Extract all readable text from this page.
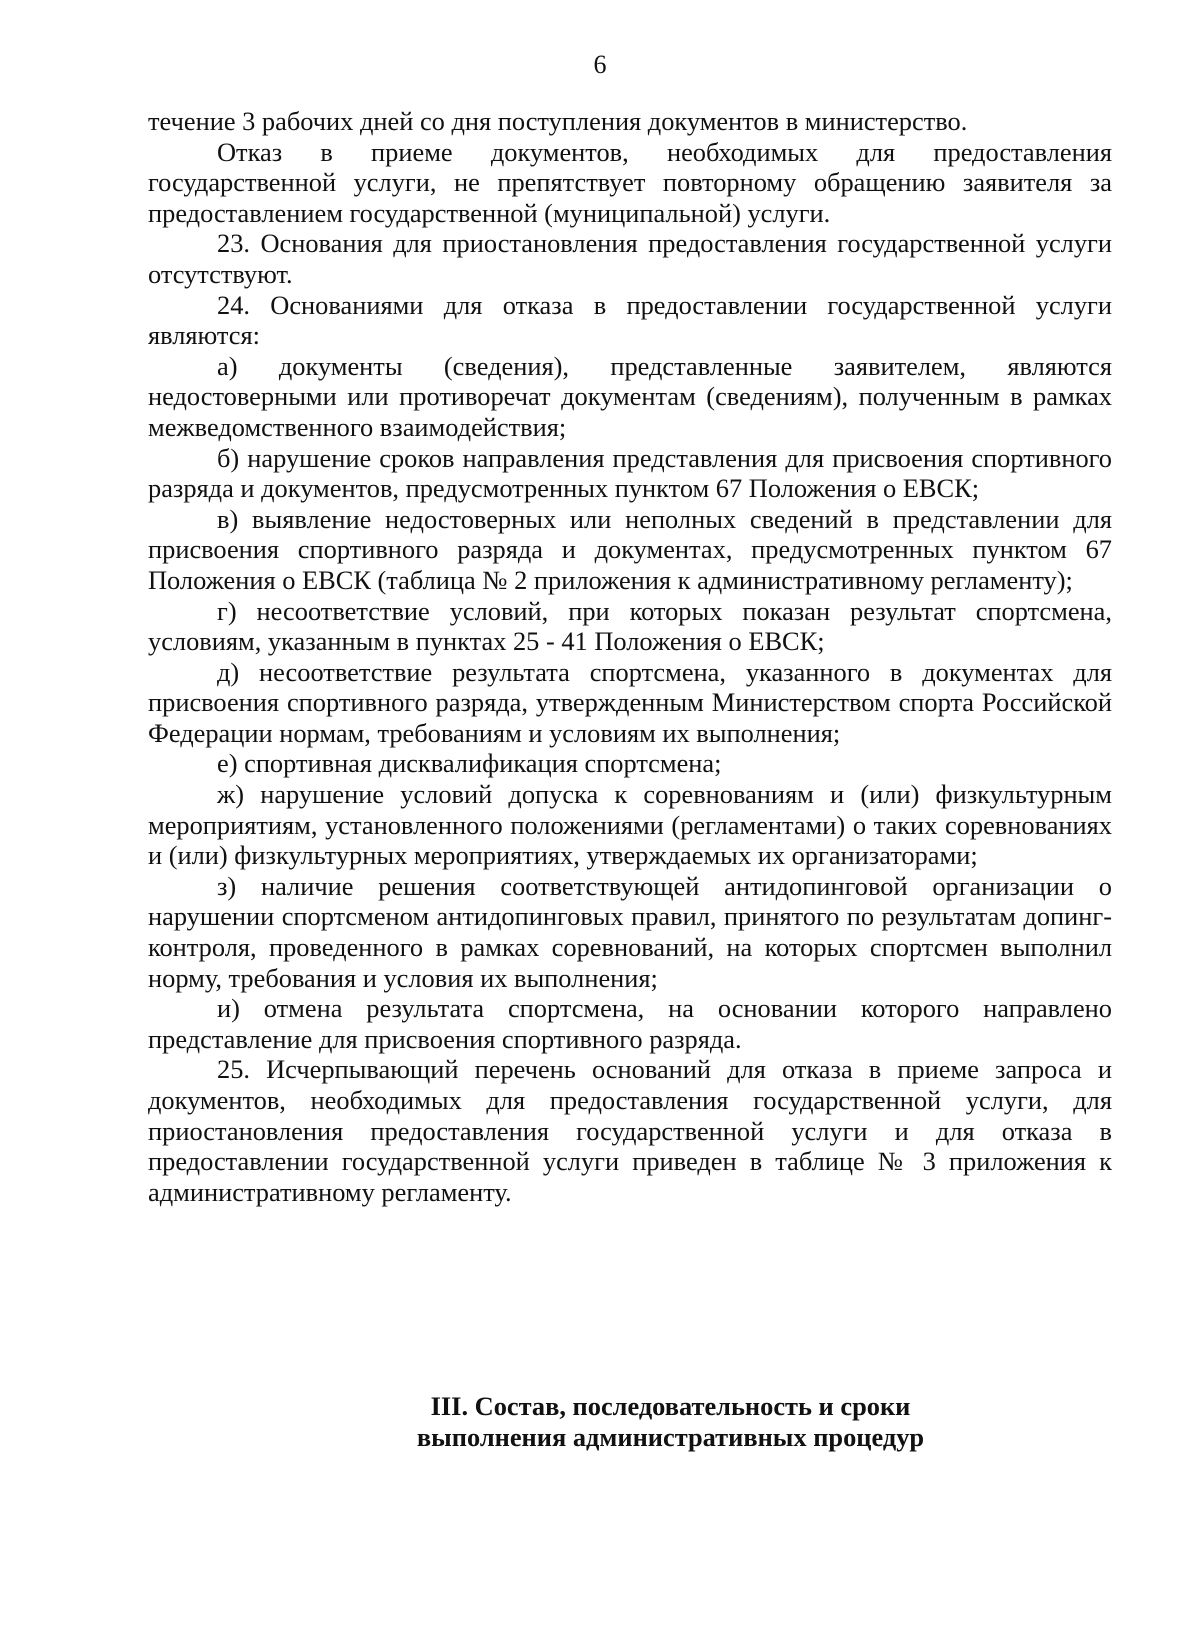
6

течение 3 рабочих дней со дня поступления документов в министерство.

Отказ в приеме документов, необходимых для предоставления государственной услуги, не препятствует повторному обращению заявителя за предоставлением государственной (муниципальной) услуги.

23. Основания для приостановления предоставления государственной услуги отсутствуют.

24. Основаниями для отказа в предоставлении государственной услуги являются:

а) документы (сведения), представленные заявителем, являются недостоверными или противоречат документам (сведениям), полученным в рамках межведомственного взаимодействия;

б) нарушение сроков направления представления для присвоения спортивного разряда и документов, предусмотренных пунктом 67 Положения о ЕВСК;

в) выявление недостоверных или неполных сведений в представлении для присвоения спортивного разряда и документах, предусмотренных пунктом 67 Положения о ЕВСК (таблица № 2 приложения к административному регламенту);

г) несоответствие условий, при которых показан результат спортсмена, условиям, указанным в пунктах 25 - 41 Положения о ЕВСК;

д) несоответствие результата спортсмена, указанного в документах для присвоения спортивного разряда, утвержденным Министерством спорта Российской Федерации нормам, требованиям и условиям их выполнения;

е) спортивная дисквалификация спортсмена;

ж) нарушение условий допуска к соревнованиям и (или) физкультурным мероприятиям, установленного положениями (регламентами) о таких соревнованиях и (или) физкультурных мероприятиях, утверждаемых их организаторами;

з) наличие решения соответствующей антидопинговой организации о нарушении спортсменом антидопинговых правил, принятого по результатам допинг-контроля, проведенного в рамках соревнований, на которых спортсмен выполнил норму, требования и условия их выполнения;

и) отмена результата спортсмена, на основании которого направлено представление для присвоения спортивного разряда.

25. Исчерпывающий перечень оснований для отказа в приеме запроса и документов, необходимых для предоставления государственной услуги, для приостановления предоставления государственной услуги и для отказа в предоставлении государственной услуги приведен в таблице № 3 приложения к административному регламенту.

III. Состав, последовательность и сроки
выполнения административных процедур
